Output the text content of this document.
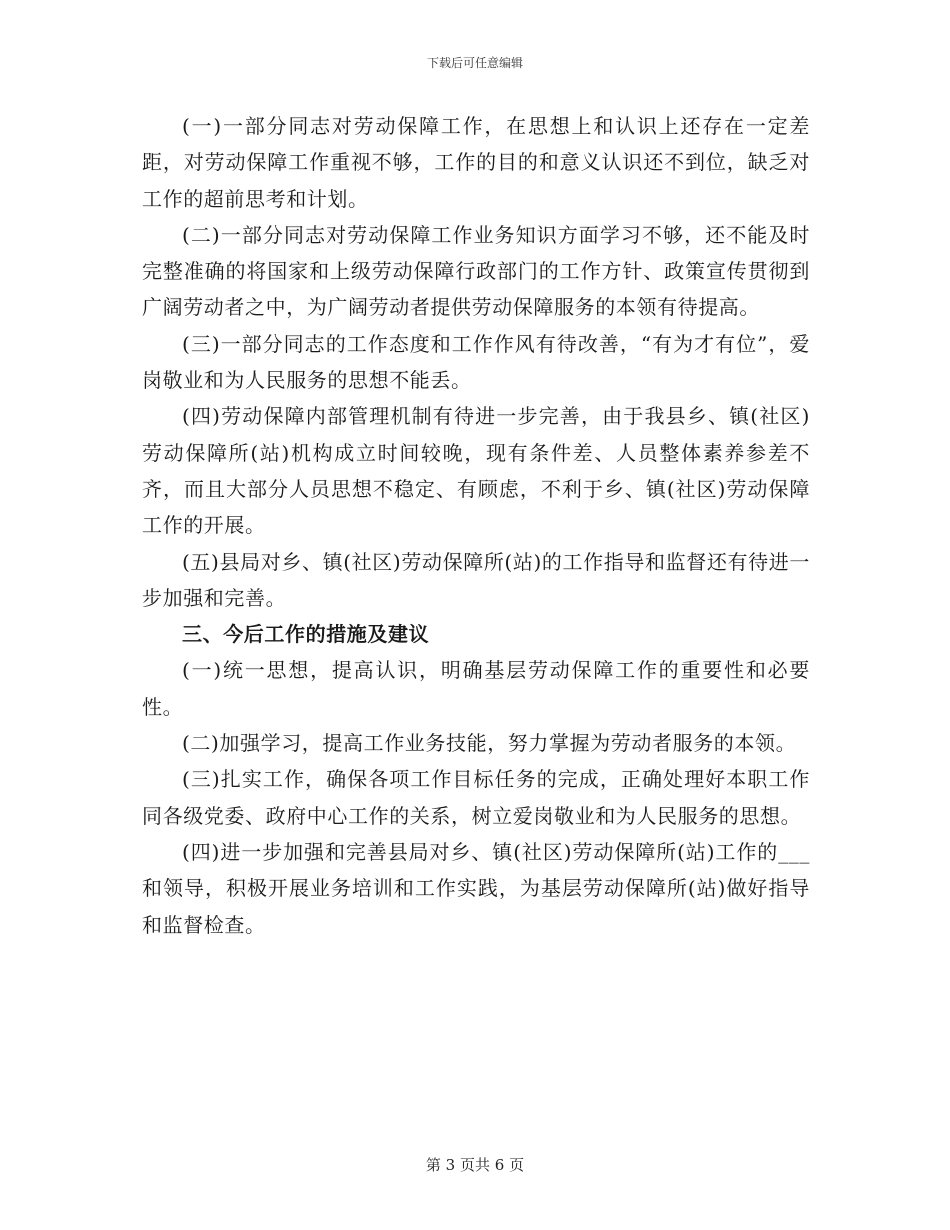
下载后可任意编辑

(一)一部分同志对劳动保障工作，在思想上和认识上还存在一定差距，对劳动保障工作重视不够，工作的目的和意义认识还不到位，缺乏对工作的超前思考和计划。

(二)一部分同志对劳动保障工作业务知识方面学习不够，还不能及时完整准确的将国家和上级劳动保障行政部门的工作方针、政策宣传贯彻到广阔劳动者之中，为广阔劳动者提供劳动保障服务的本领有待提高。

(三)一部分同志的工作态度和工作作风有待改善，“有为才有位”，爱岗敬业和为人民服务的思想不能丢。

(四)劳动保障内部管理机制有待进一步完善，由于我县乡、镇(社区)劳动保障所(站)机构成立时间较晚，现有条件差、人员整体素养参差不齐，而且大部分人员思想不稳定、有顾虑，不利于乡、镇(社区)劳动保障工作的开展。

(五)县局对乡、镇(社区)劳动保障所(站)的工作指导和监督还有待进一步加强和完善。

三、今后工作的措施及建议

(一)统一思想，提高认识，明确基层劳动保障工作的重要性和必要性。

(二)加强学习，提高工作业务技能，努力掌握为劳动者服务的本领。

(三)扎实工作，确保各项工作目标任务的完成，正确处理好本职工作同各级党委、政府中心工作的关系，树立爱岗敬业和为人民服务的思想。

(四)进一步加强和完善县局对乡、镇(社区)劳动保障所(站)工作的___和领导，积极开展业务培训和工作实践，为基层劳动保障所(站)做好指导和监督检查。

第 3 页共 6 页
